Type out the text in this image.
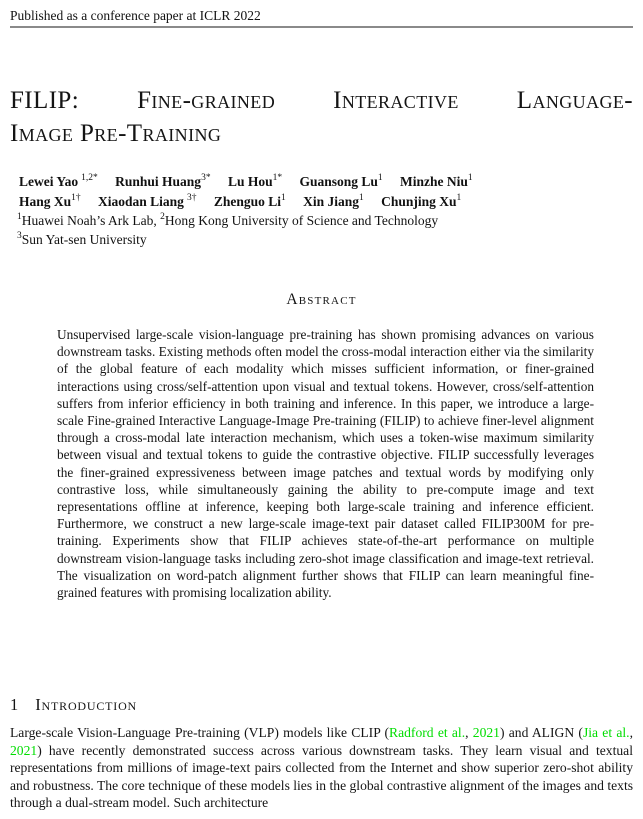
Published as a conference paper at ICLR 2022
FILIP: Fine-grained Interactive Language-
Image Pre-Training
Lewei Yao $^{1,2*}$ Runhui Huang$^{3*}$ Lu Hou$^{1*}$ Guansong Lu$^1$ Minzhe Niu$^1$
Hang $Xu^{1\dagger}$ Xiaodan Liang $^{3\dagger}$ Zhenguo Li$^1$ Xin Jiang$^1$ Chunjing Xu$^1$
$^1$Huawei Noah’s Ark Lab, $^2$Hong Kong University of Science and Technology
$^3$Sun Yat-sen University
Abstract
Unsupervised large-scale vision-language pre-training has shown promising advances on various downstream tasks. Existing methods often model the cross-modal interaction either via the similarity of the global feature of each modality which misses sufficient information, or finer-grained interactions using cross/self-attention upon visual and textual tokens. However, cross/self-attention suffers from inferior efficiency in both training and inference. In this paper, we introduce a large-scale Fine-grained Interactive Language-Image Pre-training (FILIP) to achieve finer-level alignment through a cross-modal late interaction mechanism, which uses a token-wise maximum similarity between visual and textual tokens to guide the contrastive objective. FILIP successfully leverages the finer-grained expressiveness between image patches and textual words by modifying only contrastive loss, while simultaneously gaining the ability to pre-compute image and text representations offline at inference, keeping both large-scale training and inference efficient. Furthermore, we construct a new large-scale image-text pair dataset called FILIP300M for pre-training. Experiments show that FILIP achieves state-of-the-art performance on multiple downstream vision-language tasks including zero-shot image classification and image-text retrieval. The visualization on word-patch alignment further shows that FILIP can learn meaningful fine-grained features with promising localization ability.
1 Introduction
Large-scale Vision-Language Pre-training (VLP) models like CLIP (Radford et al., 2021) and ALIGN (Jia et al., 2021) have recently demonstrated success across various downstream tasks. They learn visual and textual representations from millions of image-text pairs collected from the Internet and show superior zero-shot ability and robustness. The core technique of these models lies in the global contrastive alignment of the images and texts through a dual-stream model. Such architecture
